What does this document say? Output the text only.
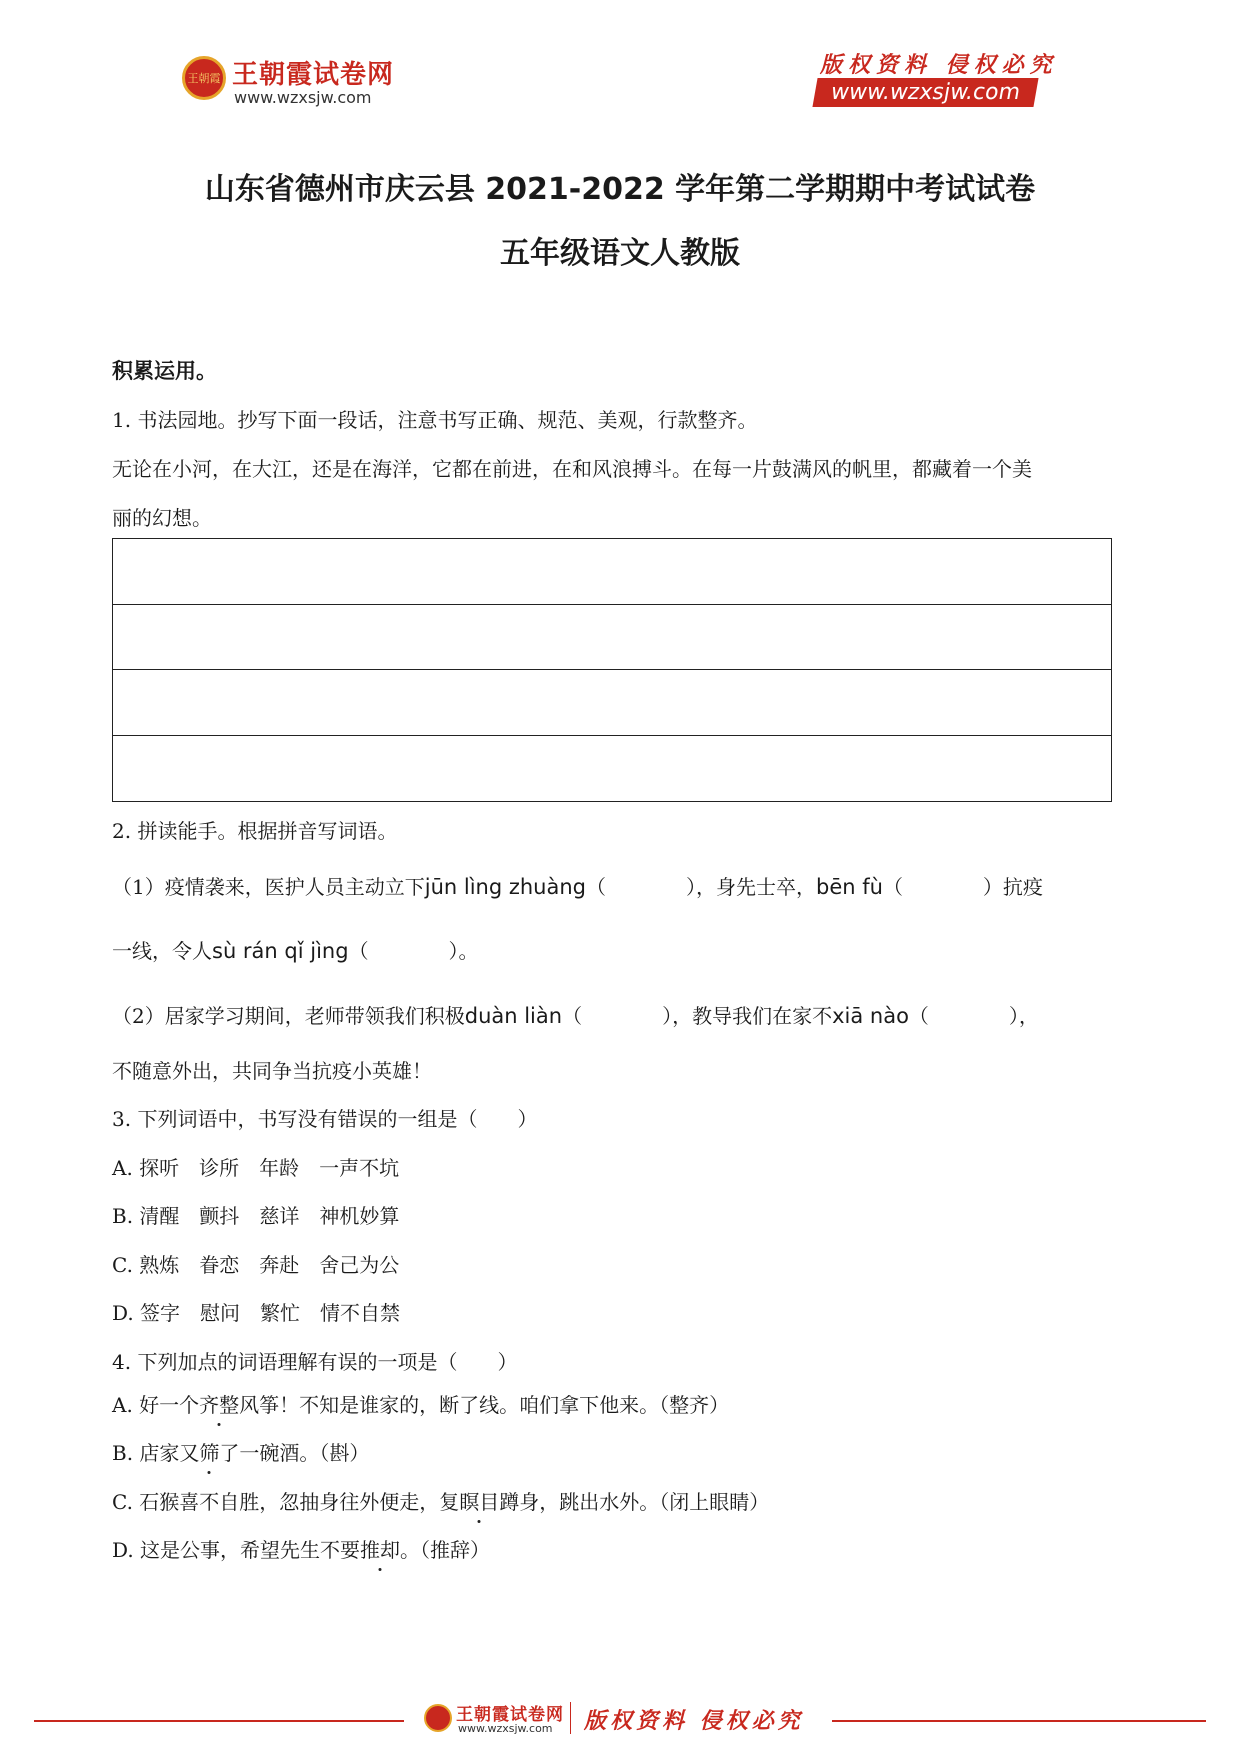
王朝霞 王朝霞试卷网
www.wzxsjw.com
版权资料 侵权必究
www.wzxsjw.com
山东省德州市庆云县 2021-2022 学年第二学期期中考试试卷
五年级语文人教版
积累运用。
1. 书法园地。抄写下面一段话，注意书写正确、规范、美观，行款整齐。
无论在小河，在大江，还是在海洋，它都在前进，在和风浪搏斗。在每一片鼓满风的帆里，都藏着一个美
丽的幻想。
2. 拼读能手。根据拼音写词语。
（1）疫情袭来，医护人员主动立下jūn lìng zhuàng（　　　　），身先士卒，bēn fù（　　　　）抗疫
一线，令人sù rán qǐ jìng（　　　　）。
（2）居家学习期间，老师带领我们积极duàn liàn（　　　　），教导我们在家不xiā nào（　　　　），
不随意外出，共同争当抗疫小英雄！
3. 下列词语中，书写没有错误的一组是（　　）
A. 探听　诊所　年龄　一声不坑
B. 清醒　颤抖　慈详　神机妙算
C. 熟炼　眷恋　奔赴　舍己为公
D. 签字　慰问　繁忙　情不自禁
4. 下列加点的词语理解有误的一项是（　　）
A. 好一个齐整风筝！不知是谁家的，断了线。咱们拿下他来。（整齐）
B. 店家又筛了一碗酒。（斟）
C. 石猴喜不自胜，忽抽身往外便走，复瞑目蹲身，跳出水外。（闭上眼睛）
D. 这是公事，希望先生不要推却。（推辞）
王朝霞试卷网
www.wzxsjw.com 版权资料 侵权必究
